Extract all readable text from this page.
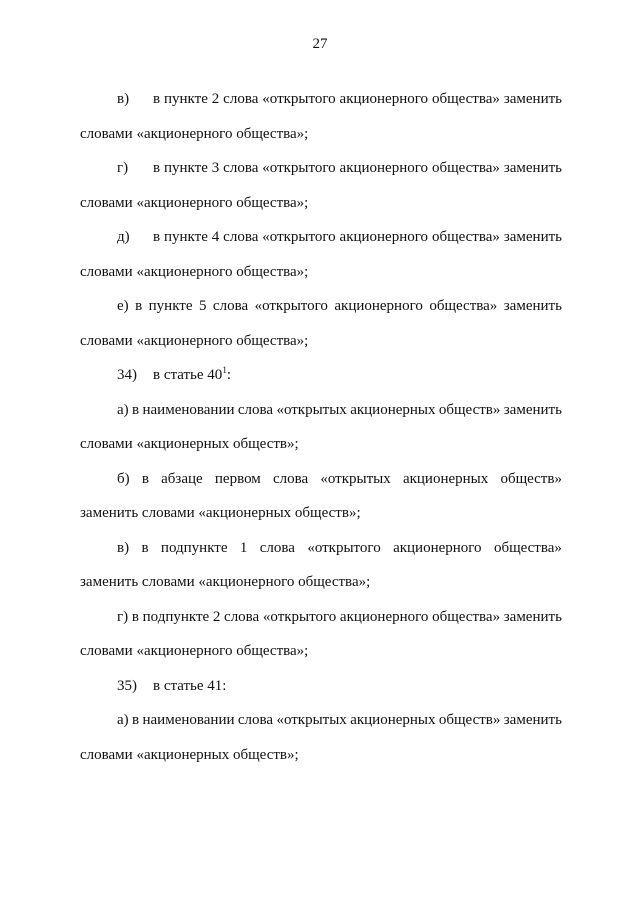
27
в) в пункте 2 слова «открытого акционерного общества» заменить
словами «акционерного общества»;
г) в пункте 3 слова «открытого акционерного общества» заменить
словами «акционерного общества»;
д) в пункте 4 слова «открытого акционерного общества» заменить
словами «акционерного общества»;
е) в пункте 5 слова «открытого акционерного общества» заменить
словами «акционерного общества»;
34) в статье $40^1$:
а) в наименовании слова «открытых акционерных обществ» заменить
словами «акционерных обществ»;
б) в абзаце первом слова «открытых акционерных обществ»
заменить словами «акционерных обществ»;
в) в подпункте 1 слова «открытого акционерного общества»
заменить словами «акционерного общества»;
г) в подпункте 2 слова «открытого акционерного общества» заменить
словами «акционерного общества»;
35) в статье 41:
а) в наименовании слова «открытых акционерных обществ» заменить
словами «акционерных обществ»;
